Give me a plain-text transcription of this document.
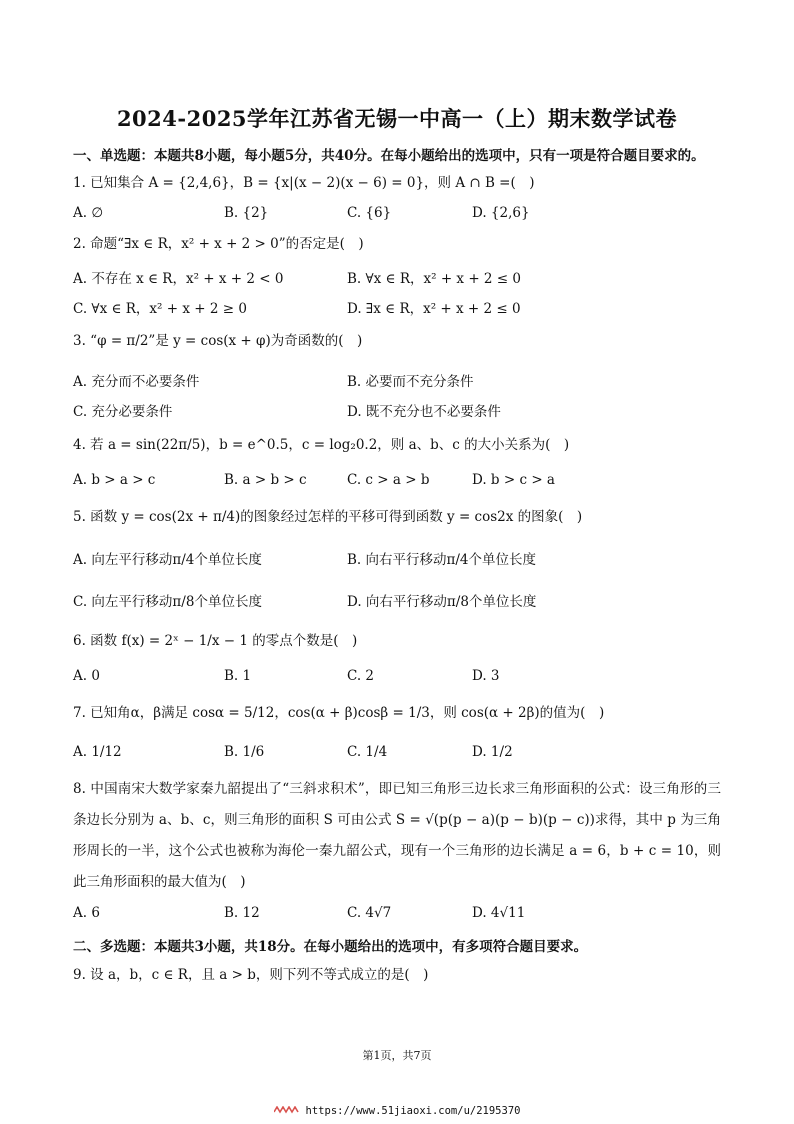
2024-2025学年江苏省无锡一中高一（上）期末数学试卷
一、单选题：本题共8小题，每小题5分，共40分。在每小题给出的选项中，只有一项是符合题目要求的。
1. 已知集合 A = {2,4,6}，B = {x|(x − 2)(x − 6) = 0}，则 A ∩ B =(　)
A. ∅	B. {2}	C. {6}	D. {2,6}
2. 命题“∃x ∈ R，x² + x + 2 > 0”的否定是(　)
A. 不存在 x ∈ R，x² + x + 2 < 0	B. ∀x ∈ R，x² + x + 2 ≤ 0
C. ∀x ∈ R，x² + x + 2 ≥ 0	D. ∃x ∈ R，x² + x + 2 ≤ 0
3. “φ = π/2”是 y = cos(x + φ)为奇函数的(　)
A. 充分而不必要条件	B. 必要而不充分条件
C. 充分必要条件	D. 既不充分也不必要条件
4. 若 a = sin(22π/5)，b = e^0.5，c = log₂0.2，则 a、b、c 的大小关系为(　)
A. b > a > c	B. a > b > c	C. c > a > b	D. b > c > a
5. 函数 y = cos(2x + π/4)的图象经过怎样的平移可得到函数 y = cos2x 的图象(　)
A. 向左平行移动π/4个单位长度	B. 向右平行移动π/4个单位长度
C. 向左平行移动π/8个单位长度	D. 向右平行移动π/8个单位长度
6. 函数 f(x) = 2ˣ − 1/x − 1 的零点个数是(　)
A. 0	B. 1	C. 2	D. 3
7. 已知角α，β满足 cosα = 5/12，cos(α + β)cosβ = 1/3，则 cos(α + 2β)的值为(　)
A. 1/12	B. 1/6	C. 1/4	D. 1/2
8. 中国南宋大数学家秦九韶提出了“三斜求积术”，即已知三角形三边长求三角形面积的公式：设三角形的三条边长分别为 a、b、c，则三角形的面积 S 可由公式 S = √(p(p − a)(p − b)(p − c))求得，其中 p 为三角形周长的一半，这个公式也被称为海伦一秦九韶公式，现有一个三角形的边长满足 a = 6，b + c = 10，则此三角形面积的最大值为(　)
A. 6	B. 12	C. 4√7	D. 4√11
二、多选题：本题共3小题，共18分。在每小题给出的选项中，有多项符合题目要求。
9. 设 a，b，c ∈ R，且 a > b，则下列不等式成立的是(　)
第1页，共7页
https://www.51jiaoxi.com/u/2195370
